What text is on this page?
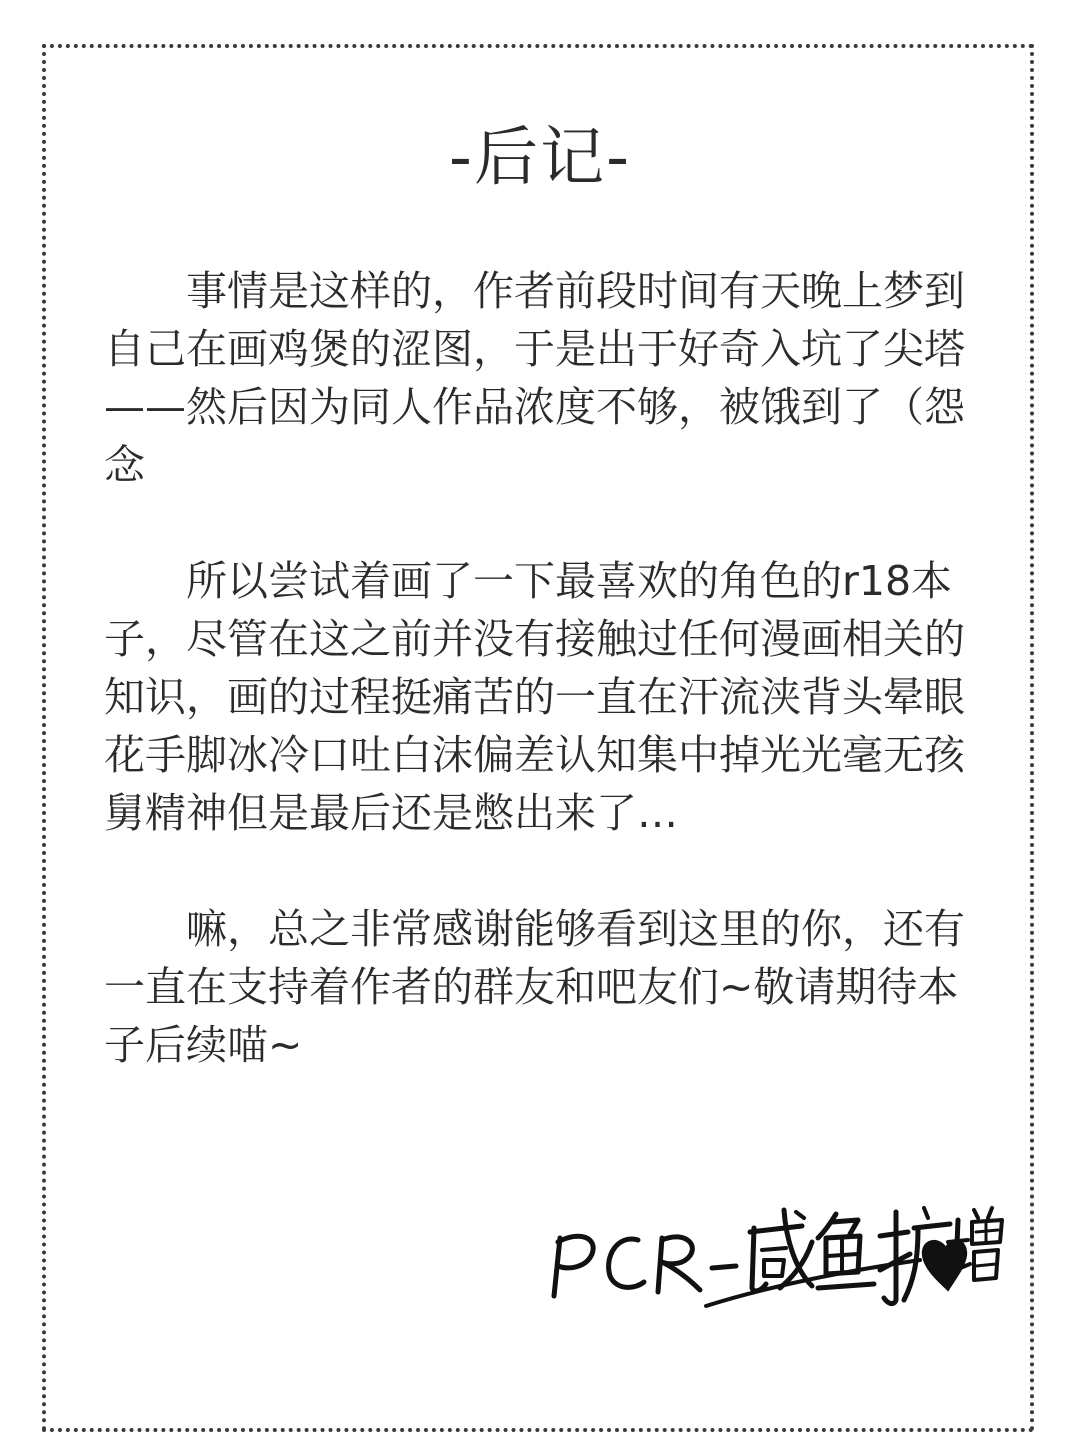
-后记-

事情是这样的，作者前段时间有天晚上梦到自己在画鸡煲的涩图，于是出于好奇入坑了尖塔——然后因为同人作品浓度不够，被饿到了（怨念

所以尝试着画了一下最喜欢的角色的r18本子，尽管在这之前并没有接触过任何漫画相关的知识，画的过程挺痛苦的一直在汗流浃背头晕眼花手脚冰冷口吐白沫偏差认知集中掉光光毫无孩舅精神但是最后还是憋出来了…

嘛，总之非常感谢能够看到这里的你，还有一直在支持着作者的群友和吧友们~敬请期待本子后续喵~
